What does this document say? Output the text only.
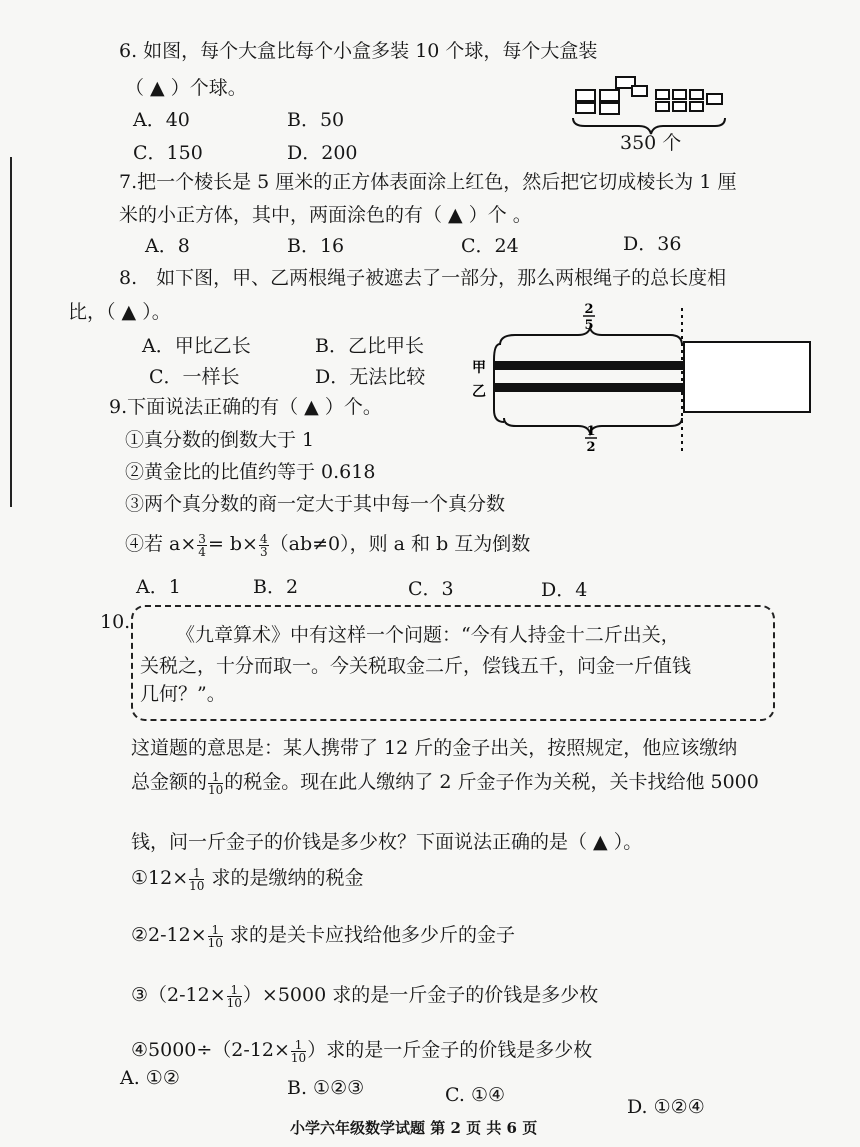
6. 如图，每个大盒比每个小盒多装 10 个球，每个大盒装
（ ▲ ）个球。
A．40	B．50
C．150	D．200	350 个
7.把一个棱长是 5 厘米的正方体表面涂上红色，然后把它切成棱长为 1 厘
米的小正方体，其中，两面涂色的有（ ▲ ）个 。
A．8	B．16	C．24	D．36
8.　如下图，甲、乙两根绳子被遮去了一部分，那么两根绳子的总长度相
比，（ ▲ ）。
A．甲比乙长	B．乙比甲长
C．一样长	D．无法比较
2
5
甲
乙
1
2
9.下面说法正确的有（ ▲ ）个。
①真分数的倒数大于 1
②黄金比的比值约等于 0.618
③两个真分数的商一定大于其中每一个真分数
④若 $a\times \frac{3}{4} = b\times \frac{4}{3} (ab\ne 0)$，则 a 和 b 互为倒数
A．1	B．2	C．3	D．4
10.
《九章算术》中有这样一个问题：“今有人持金十二斤出关，
关税之，十分而取一。今关税取金二斤，偿钱五千，问金一斤值钱
几何？”。
这道题的意思是：某人携带了 12 斤的金子出关，按照规定，他应该缴纳
总金额的 $\frac{1}{10}$ 的税金。现在此人缴纳了 2 斤金子作为关税，关卡找给他 5000
钱，问一斤金子的价钱是多少枚？下面说法正确的是（ ▲ ）。
①12× $\frac{1}{10}$ 求的是缴纳的税金
②2-12× $\frac{1}{10}$ 求的是关卡应找给他多少斤的金子
③（2-12× $\frac{1}{10} )\times 5000$ 求的是一斤金子的价钱是多少枚
④5000÷（2-12× $\frac{1}{10}$ ）求的是一斤金子的价钱是多少枚
A. ①②	B. ①②③	C. ①④
D. ①②④
小学六年级数学试题 第 2 页 共 6 页
